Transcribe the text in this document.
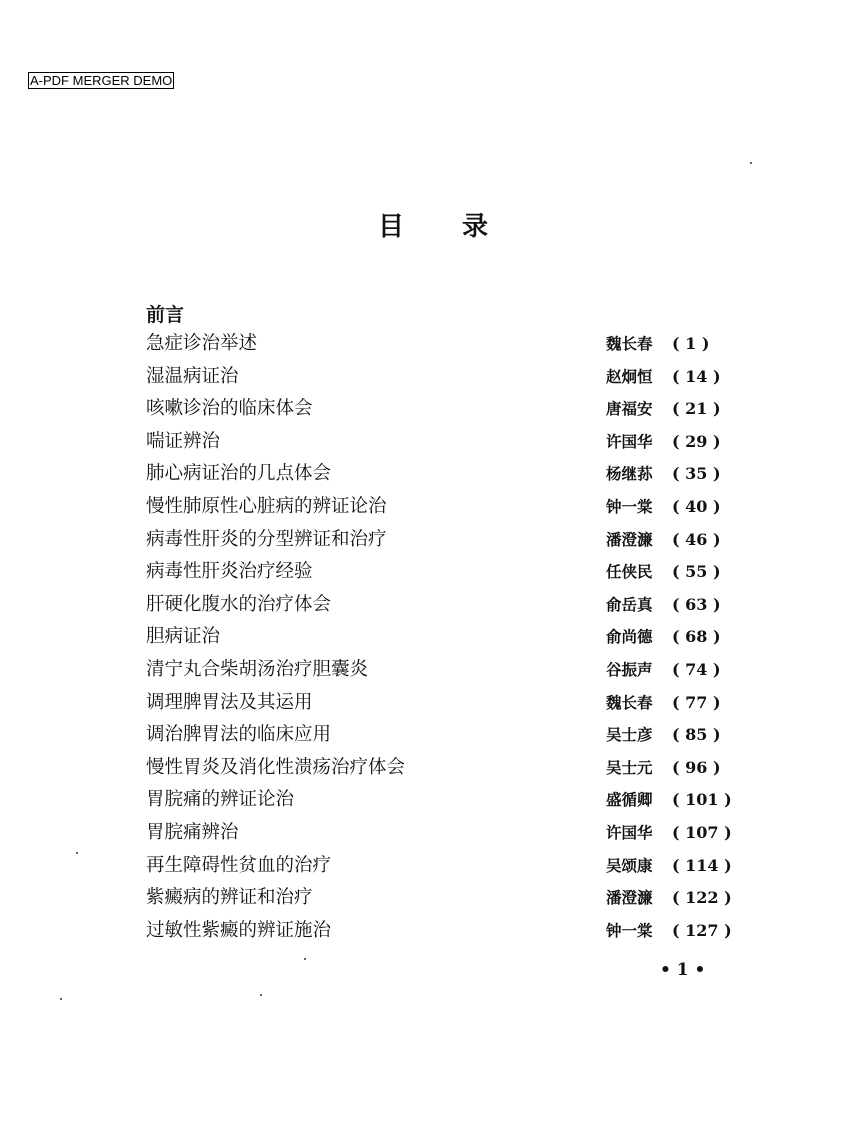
A-PDF MERGER DEMO
目 录
前言
急症诊治举述	魏长春 ( 1 )
湿温病证治	赵炯恒 ( 14 )
咳嗽诊治的临床体会	唐福安 ( 21 )
喘证辨治	许国华 ( 29 )
肺心病证治的几点体会	杨继荪 ( 35 )
慢性肺原性心脏病的辨证论治	钟一棠 ( 40 )
病毒性肝炎的分型辨证和治疗	潘澄濂 ( 46 )
病毒性肝炎治疗经验	任侠民 ( 55 )
肝硬化腹水的治疗体会	俞岳真 ( 63 )
胆病证治	俞尚德 ( 68 )
清宁丸合柴胡汤治疗胆囊炎	谷振声 ( 74 )
调理脾胃法及其运用	魏长春 ( 77 )
调治脾胃法的临床应用	吴士彦 ( 85 )
慢性胃炎及消化性溃疡治疗体会	吴士元 ( 96 )
胃脘痛的辨证论治	盛循卿 ( 101 )
胃脘痛辨治	许国华 ( 107 )
再生障碍性贫血的治疗	吴颂康 ( 114 )
紫癜病的辨证和治疗	潘澄濂 ( 122 )
过敏性紫癜的辨证施治	钟一棠 ( 127 )
• 1 •
